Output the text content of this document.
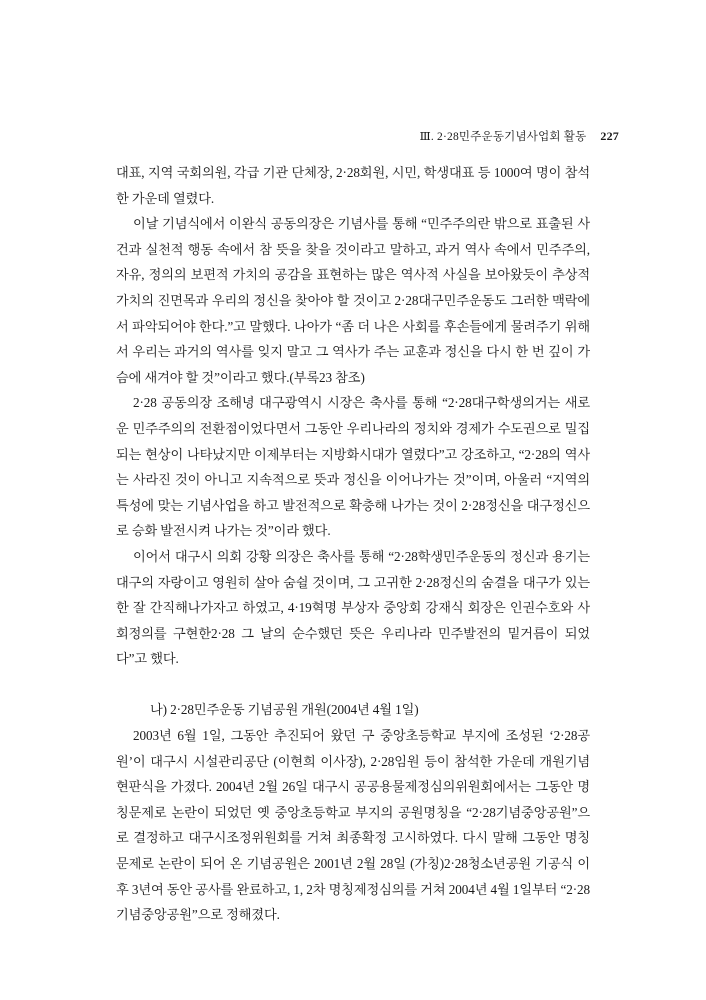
Ⅲ. 2·28민주운동기념사업회 활동 227

대표, 지역 국회의원, 각급 기관 단체장, 2·28회원, 시민, 학생대표 등 1000여 명이 참석한 가운데 열렸다.

이날 기념식에서 이완식 공동의장은 기념사를 통해 “민주주의란 밖으로 표출된 사건과 실천적 행동 속에서 참 뜻을 찾을 것이라고 말하고, 과거 역사 속에서 민주주의, 자유, 정의의 보편적 가치의 공감을 표현하는 많은 역사적 사실을 보아왔듯이 추상적 가치의 진면목과 우리의 정신을 찾아야 할 것이고 2·28대구민주운동도 그러한 맥락에서 파악되어야 한다.”고 말했다. 나아가 “좀 더 나은 사회를 후손들에게 물려주기 위해서 우리는 과거의 역사를 잊지 말고 그 역사가 주는 교훈과 정신을 다시 한 번 깊이 가슴에 새겨야 할 것”이라고 했다.(부록23 참조)

2·28 공동의장 조해녕 대구광역시 시장은 축사를 통해 “2·28대구학생의거는 새로운 민주주의의 전환점이었다면서 그동안 우리나라의 정치와 경제가 수도권으로 밀집되는 현상이 나타났지만 이제부터는 지방화시대가 열렸다”고 강조하고, “2·28의 역사는 사라진 것이 아니고 지속적으로 뜻과 정신을 이어나가는 것”이며, 아울러 “지역의 특성에 맞는 기념사업을 하고 발전적으로 확충해 나가는 것이 2·28정신을 대구정신으로 승화 발전시켜 나가는 것”이라 했다.

이어서 대구시 의회 강황 의장은 축사를 통해 “2·28학생민주운동의 정신과 용기는 대구의 자랑이고 영원히 살아 숨쉴 것이며, 그 고귀한 2·28정신의 숨결을 대구가 있는 한 잘 간직해나가자고 하였고, 4·19혁명 부상자 중앙회 강재식 회장은 인권수호와 사회정의를 구현한2·28 그 날의 순수했던 뜻은 우리나라 민주발전의 밑거름이 되었다”고 했다.

나) 2·28민주운동 기념공원 개원(2004년 4월 1일)

2003년 6월 1일, 그동안 추진되어 왔던 구 중앙초등학교 부지에 조성된 ‘2·28공원’이 대구시 시설관리공단 (이현희 이사장), 2·28임원 등이 참석한 가운데 개원기념 현판식을 가졌다. 2004년 2월 26일 대구시 공공용물제정심의위원회에서는 그동안 명칭문제로 논란이 되었던 옛 중앙초등학교 부지의 공원명칭을 “2·28기념중앙공원”으로 결정하고 대구시조정위원회를 거쳐 최종확정 고시하였다. 다시 말해 그동안 명칭문제로 논란이 되어 온 기념공원은 2001년 2월 28일 (가칭)2·28청소년공원 기공식 이후 3년여 동안 공사를 완료하고, 1, 2차 명칭제정심의를 거쳐 2004년 4월 1일부터 “2·28기념중앙공원”으로 정해졌다.
